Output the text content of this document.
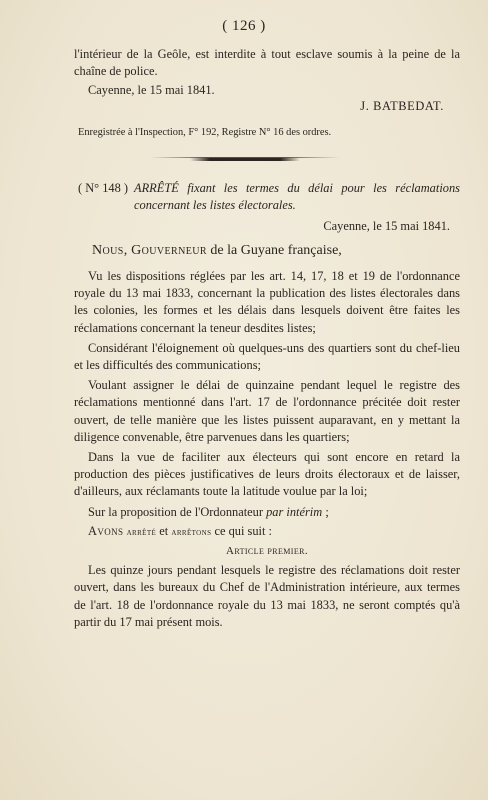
( 126 )
l'intérieur de la Geôle, est interdite à tout esclave soumis à la peine de la chaîne de police.
Cayenne, le 15 mai 1841.
J. BATBEDAT.
Enregistrée à l'Inspection, F° 192, Registre N° 16 des ordres.
( N° 148 ) ARRÊTÉ fixant les termes du délai pour les réclamations concernant les listes électorales.
Cayenne, le 15 mai 1841.
Nous, Gouverneur de la Guyane française,

Vu les dispositions réglées par les art. 14, 17, 18 et 19 de l'ordonnance royale du 13 mai 1833, concernant la publication des listes électorales dans les colonies, les formes et les délais dans lesquels doivent être faites les réclamations concernant la teneur desdites listes;

Considérant l'éloignement où quelques-uns des quartiers sont du chef-lieu et les difficultés des communications;

Voulant assigner le délai de quinzaine pendant lequel le registre des réclamations mentionné dans l'art. 17 de l'ordonnance précitée doit rester ouvert, de telle manière que les listes puissent auparavant, en y mettant la diligence convenable, être parvenues dans les quartiers;

Dans la vue de faciliter aux électeurs qui sont encore en retard la production des pièces justificatives de leurs droits électoraux et de laisser, d'ailleurs, aux réclamants toute la latitude voulue par la loi;

Sur la proposition de l'Ordonnateur par intérim ;

Avons arrêté et arrêtons ce qui suit :

Article premier.

Les quinze jours pendant lesquels le registre des réclamations doit rester ouvert, dans les bureaux du Chef de l'Administration intérieure, aux termes de l'art. 18 de l'ordonnance royale du 13 mai 1833, ne seront comptés qu'à partir du 17 mai présent mois.
